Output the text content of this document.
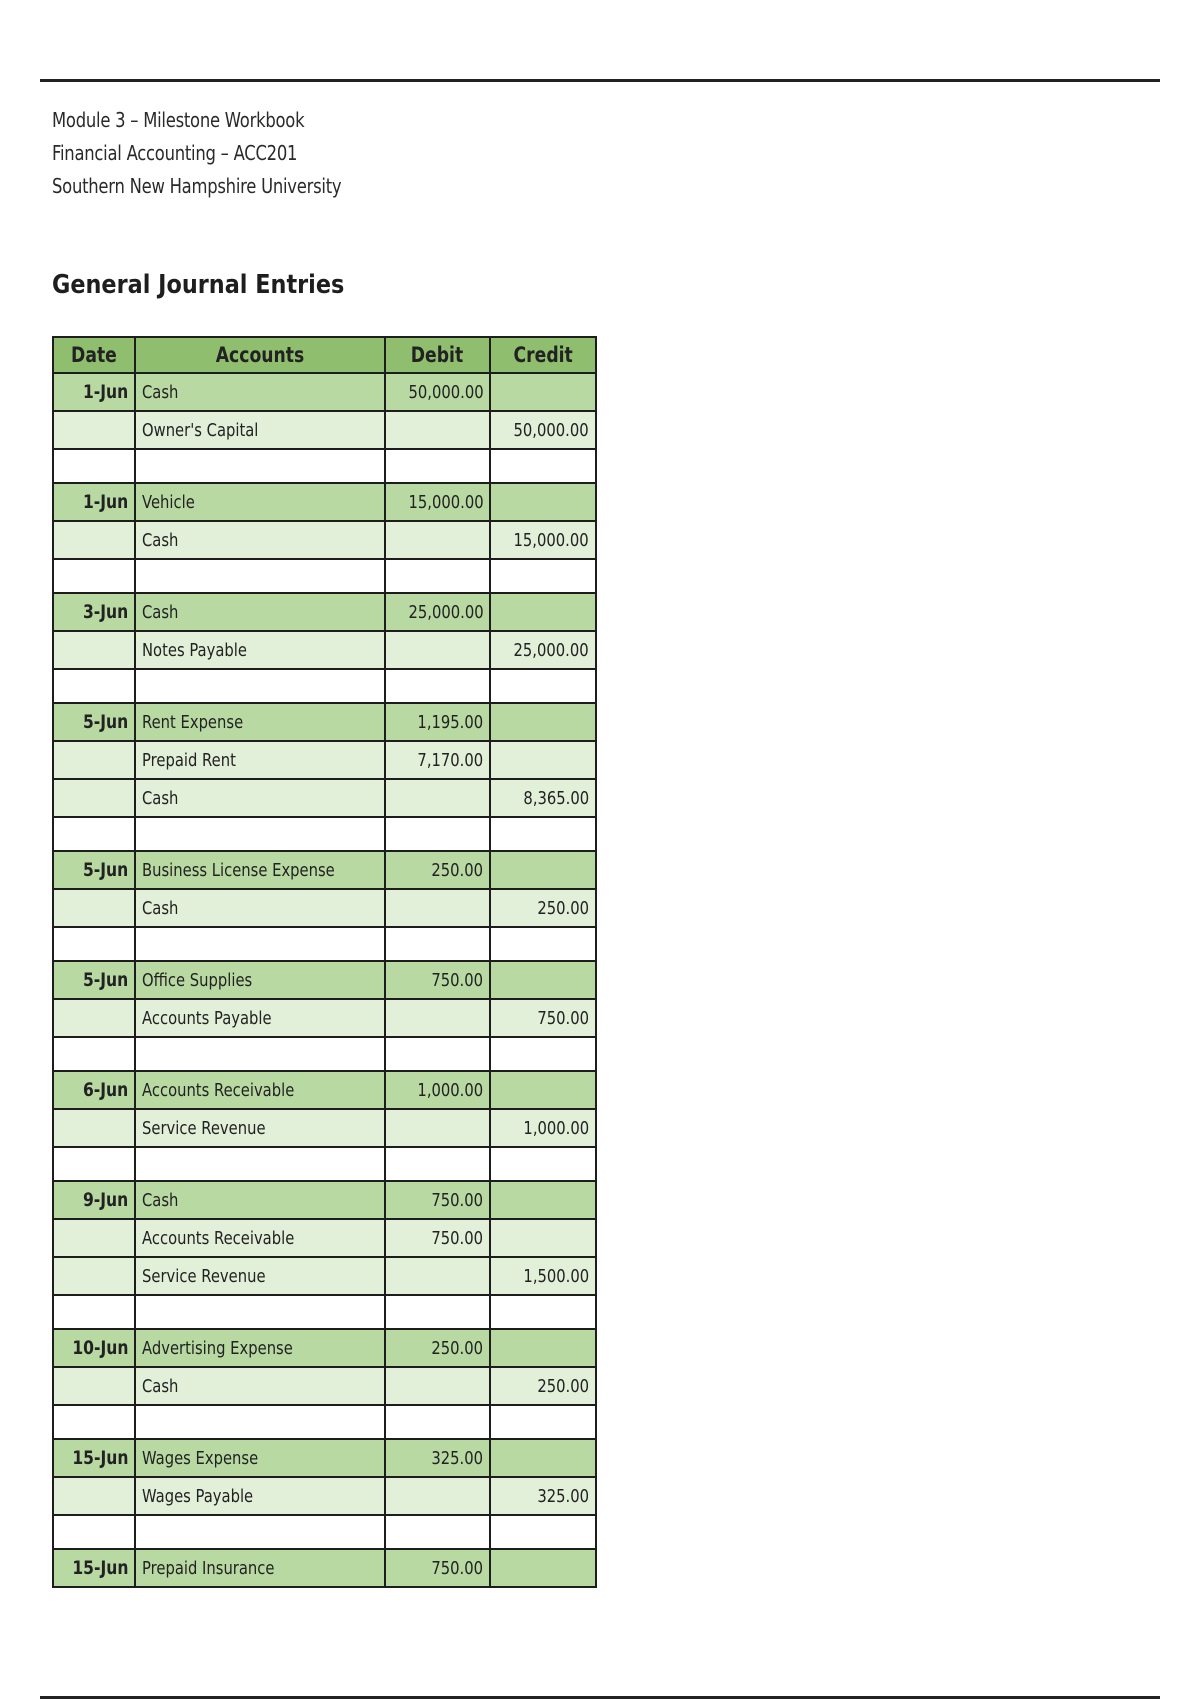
Module 3 – Milestone Workbook
Financial Accounting – ACC201
Southern New Hampshire University
General Journal Entries
Date	Accounts	Debit	Credit
1-Jun	Cash	50,000.00	
	Owner's Capital		50,000.00

1-Jun	Vehicle	15,000.00	
	Cash		15,000.00

3-Jun	Cash	25,000.00	
	Notes Payable		25,000.00

5-Jun	Rent Expense	1,195.00	
	Prepaid Rent	7,170.00	
	Cash		8,365.00

5-Jun	Business License Expense	250.00	
	Cash		250.00

5-Jun	Office Supplies	750.00	
	Accounts Payable		750.00

6-Jun	Accounts Receivable	1,000.00	
	Service Revenue		1,000.00

9-Jun	Cash	750.00	
	Accounts Receivable	750.00	
	Service Revenue		1,500.00

10-Jun	Advertising Expense	250.00	
	Cash		250.00

15-Jun	Wages Expense	325.00	
	Wages Payable		325.00

15-Jun	Prepaid Insurance	750.00	
